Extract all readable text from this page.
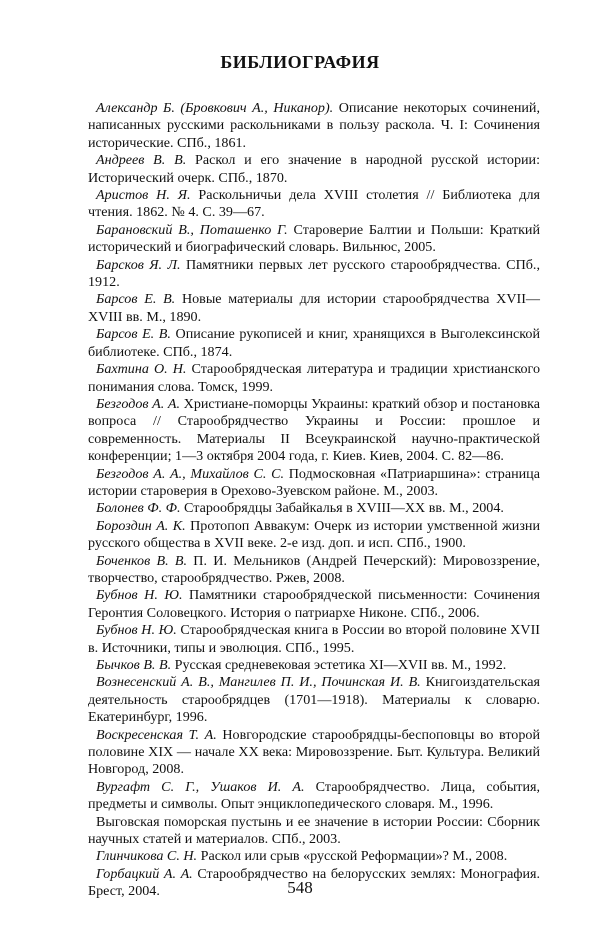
БИБЛИОГРАФИЯ

Александр Б. (Бровкович А., Никанор). Описание некоторых сочинений, написанных русскими раскольниками в пользу раскола. Ч. I: Сочинения исторические. СПб., 1861.

Андреев В. В. Раскол и его значение в народной русской истории: Исторический очерк. СПб., 1870.

Аристов Н. Я. Раскольничьи дела XVIII столетия // Библиотека для чтения. 1862. № 4. С. 39—67.

Барановский В., Поташенко Г. Староверие Балтии и Польши: Краткий исторический и биографический словарь. Вильнюс, 2005.

Барсков Я. Л. Памятники первых лет русского старообрядчества. СПб., 1912.

Барсов Е. В. Новые материалы для истории старообрядчества XVII—XVIII вв. М., 1890.

Барсов Е. В. Описание рукописей и книг, хранящихся в Выголексинской библиотеке. СПб., 1874.

Бахтина О. Н. Старообрядческая литература и традиции христианского понимания слова. Томск, 1999.

Безгодов А. А. Христиане-поморцы Украины: краткий обзор и постановка вопроса // Старообрядчество Украины и России: прошлое и современность. Материалы II Всеукраинской научно-практической конференции; 1—3 октября 2004 года, г. Киев. Киев, 2004. С. 82—86.

Безгодов А. А., Михайлов С. С. Подмосковная «Патриаршина»: страница истории староверия в Орехово-Зуевском районе. М., 2003.

Болонев Ф. Ф. Старообрядцы Забайкалья в XVIII—XX вв. М., 2004.

Бороздин А. К. Протопоп Аввакум: Очерк из истории умственной жизни русского общества в XVII веке. 2-е изд. доп. и исп. СПб., 1900.

Боченков В. В. П. И. Мельников (Андрей Печерский): Мировоззрение, творчество, старообрядчество. Ржев, 2008.

Бубнов Н. Ю. Памятники старообрядческой письменности: Сочинения Геронтия Соловецкого. История о патриархе Никоне. СПб., 2006.

Бубнов Н. Ю. Старообрядческая книга в России во второй половине XVII в. Источники, типы и эволюция. СПб., 1995.

Бычков В. В. Русская средневековая эстетика XI—XVII вв. М., 1992.

Вознесенский А. В., Мангилев П. И., Починская И. В. Книгоиздательская деятельность старообрядцев (1701—1918). Материалы к словарю. Екатеринбург, 1996.

Воскресенская Т. А. Новгородские старообрядцы-беспоповцы во второй половине XIX — начале XX века: Мировоззрение. Быт. Культура. Великий Новгород, 2008.

Вургафт С. Г., Ушаков И. А. Старообрядчество. Лица, события, предметы и символы. Опыт энциклопедического словаря. М., 1996.

Выговская поморская пустынь и ее значение в истории России: Сборник научных статей и материалов. СПб., 2003.

Глинчикова С. Н. Раскол или срыв «русской Реформации»? М., 2008.

Горбацкий А. А. Старообрядчество на белорусских землях: Монография. Брест, 2004.	548
